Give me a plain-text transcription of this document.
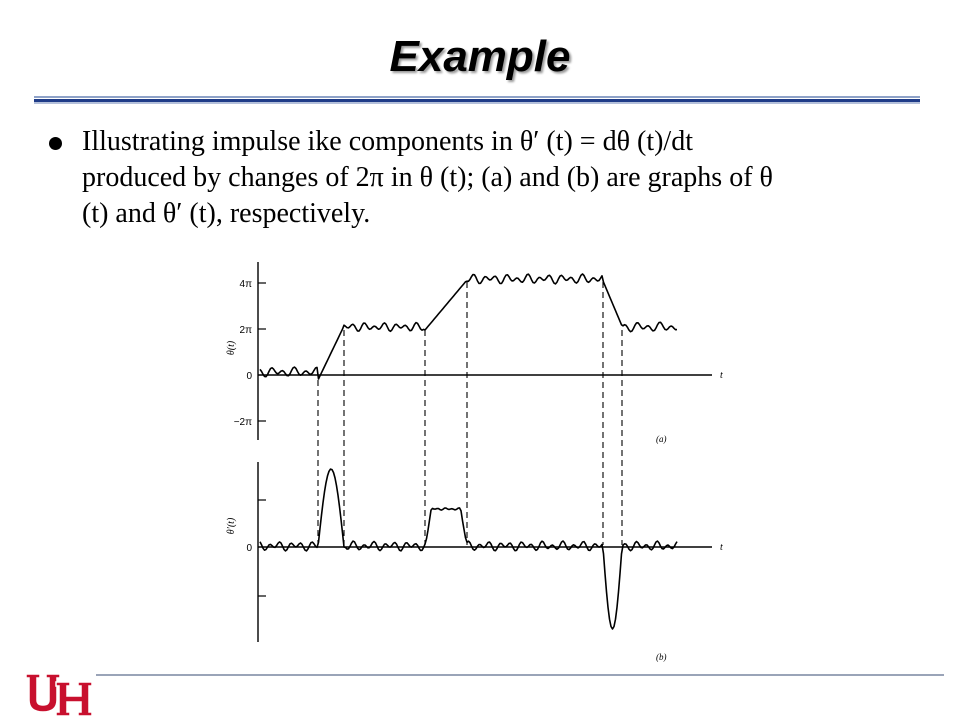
Example
Illustrating impulse ike components in θ′ (t) = dθ (t)/dt
produced by changes of 2π in θ (t); (a) and (b) are graphs of θ
(t) and θ′ (t), respectively.
4π
2π
0
−2π
θ(t)
t
(a)
0
θ′(t)
t
(b)
